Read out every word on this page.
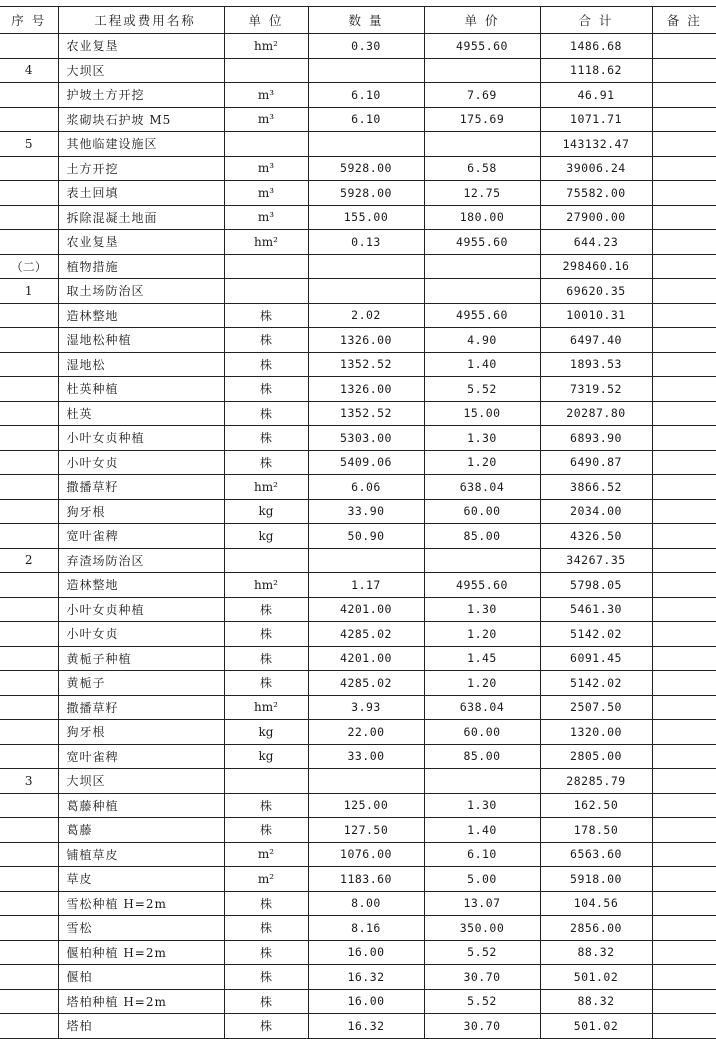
序 号	工程或费用名称	单 位	数 量	单 价	合 计	备 注
	农业复垦	hm²	0.30	4955.60	1486.68	
4	大坝区				1118.62	
	护坡土方开挖	m³	6.10	7.69	46.91	
	浆砌块石护坡 M5	m³	6.10	175.69	1071.71	
5	其他临建设施区				143132.47	
	土方开挖	m³	5928.00	6.58	39006.24	
	表土回填	m³	5928.00	12.75	75582.00	
	拆除混凝土地面	m³	155.00	180.00	27900.00	
	农业复垦	hm²	0.13	4955.60	644.23	
（二）	植物措施				298460.16	
1	取土场防治区				69620.35	
	造林整地	株	2.02	4955.60	10010.31	
	湿地松种植	株	1326.00	4.90	6497.40	
	湿地松	株	1352.52	1.40	1893.53	
	杜英种植	株	1326.00	5.52	7319.52	
	杜英	株	1352.52	15.00	20287.80	
	小叶女贞种植	株	5303.00	1.30	6893.90	
	小叶女贞	株	5409.06	1.20	6490.87	
	撒播草籽	hm²	6.06	638.04	3866.52	
	狗牙根	kg	33.90	60.00	2034.00	
	宽叶雀稗	kg	50.90	85.00	4326.50	
2	弃渣场防治区				34267.35	
	造林整地	hm²	1.17	4955.60	5798.05	
	小叶女贞种植	株	4201.00	1.30	5461.30	
	小叶女贞	株	4285.02	1.20	5142.02	
	黄栀子种植	株	4201.00	1.45	6091.45	
	黄栀子	株	4285.02	1.20	5142.02	
	撒播草籽	hm²	3.93	638.04	2507.50	
	狗牙根	kg	22.00	60.00	1320.00	
	宽叶雀稗	kg	33.00	85.00	2805.00	
3	大坝区				28285.79	
	葛藤种植	株	125.00	1.30	162.50	
	葛藤	株	127.50	1.40	178.50	
	铺植草皮	m²	1076.00	6.10	6563.60	
	草皮	m²	1183.60	5.00	5918.00	
	雪松种植 H=2m	株	8.00	13.07	104.56	
	雪松	株	8.16	350.00	2856.00	
	偃柏种植 H=2m	株	16.00	5.52	88.32	
	偃柏	株	16.32	30.70	501.02	
	塔柏种植 H=2m	株	16.00	5.52	88.32	
	塔柏	株	16.32	30.70	501.02	
